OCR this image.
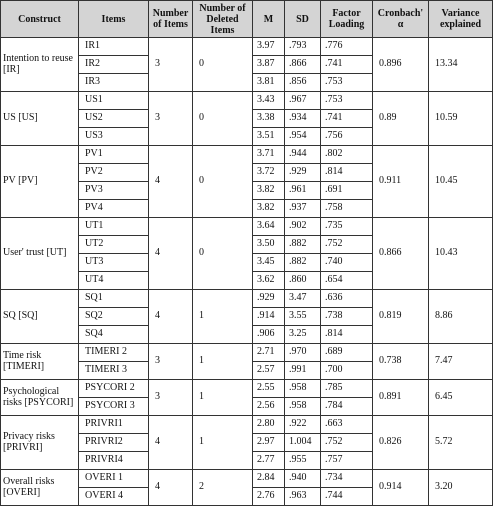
Construct	Items	Number of Items	Number of Deleted Items	M	SD	Factor Loading	Cronbach' α	Variance explained
Intention to reuse [IR]	IR1	3	0	3.97	.793	.776	0.896	13.34
	IR2			3.87	.866	.741		
	IR3			3.81	.856	.753		
US [US]	US1	3	0	3.43	.967	.753	0.89	10.59
	US2			3.38	.934	.741		
	US3			3.51	.954	.756		
PV [PV]	PV1	4	0	3.71	.944	.802	0.911	10.45
	PV2			3.72	.929	.814		
	PV3			3.82	.961	.691		
	PV4			3.82	.937	.758		
User' trust [UT]	UT1	4	0	3.64	.902	.735	0.866	10.43
	UT2			3.50	.882	.752		
	UT3			3.45	.882	.740		
	UT4			3.62	.860	.654		
SQ [SQ]	SQ1	4	1	.929	3.47	.636	0.819	8.86
	SQ2			.914	3.55	.738		
	SQ4			.906	3.25	.814		
Time risk [TIMERI]	TIMERI 2	3	1	2.71	.970	.689	0.738	7.47
	TIMERI 3			2.57	.991	.700		
Psychological risks [PSYCORI]	PSYCORI 2	3	1	2.55	.958	.785	0.891	6.45
	PSYCORI 3			2.56	.958	.784		
Privacy risks [PRIVRI]	PRIVRI1	4	1	2.80	.922	.663	0.826	5.72
	PRIVRI2			2.97	1.004	.752		
	PRIVRI4			2.77	.955	.757		
Overall risks [OVERI]	OVERI 1	4	2	2.84	.940	.734	0.914	3.20
	OVERI 4			2.76	.963	.744		
